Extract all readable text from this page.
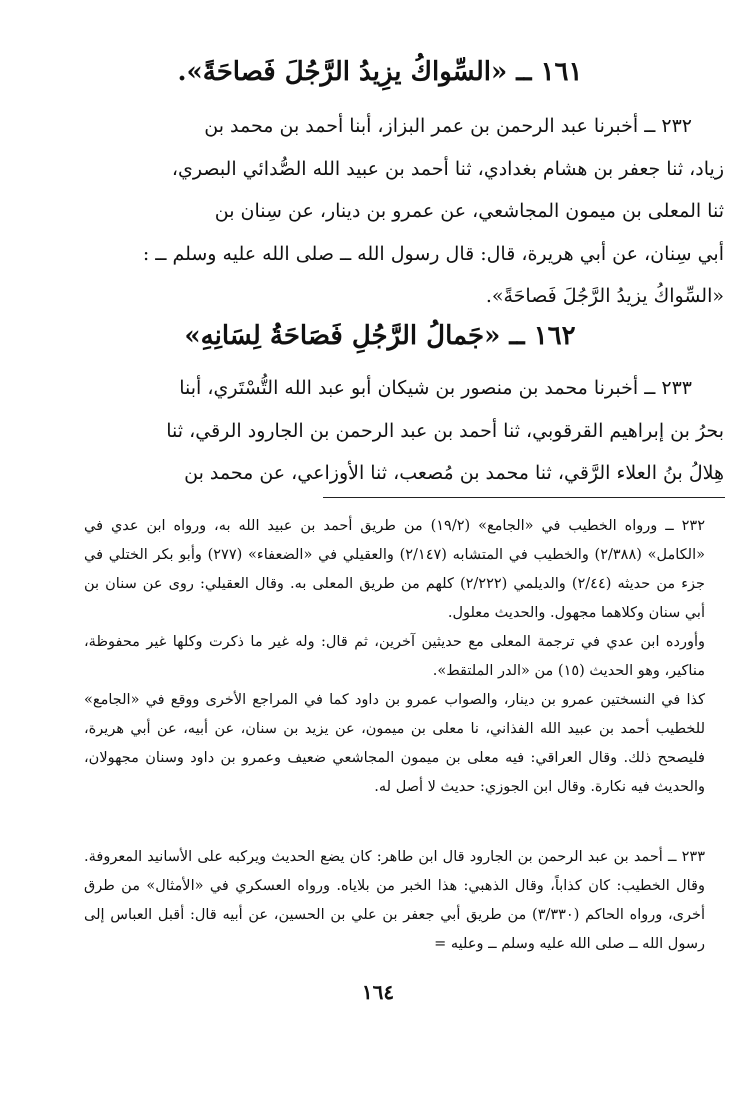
١٦١ ــ «السِّواكُ يزِيدُ الرَّجُلَ فَصاحَةً».

٢٣٢ ــ أخبرنا عبد الرحمن بن عمر البزاز، أبنا أحمد بن محمد بن

زياد، ثنا جعفر بن هشام بغدادي، ثنا أحمد بن عبيد الله الصُّدائي البصري،

ثنا المعلى بن ميمون المجاشعي، عن عمرو بن دينار، عن سِنان بن

أبي سِنان، عن أبي هريرة، قال: قال رسول الله ــ صلى الله عليه وسلم ــ :

«السِّواكُ يزيدُ الرَّجُلَ فَصاحَةً».

١٦٢ ــ «جَمالُ الرَّجُلِ فَصَاحَةُ لِسَانِهِ»

٢٣٣ ــ أخبرنا محمد بن منصور بن شيكان أبو عبد الله التُّسْتَري، أبنا

بحرُ بن إبراهيم القرقوبي، ثنا أحمد بن عبد الرحمن بن الجارود الرقي، ثنا

هِلالُ بنُ العلاء الرَّقي، ثنا محمد بن مُصعب، ثنا الأوزاعي، عن محمد بن

٢٣٢ ــ ورواه الخطيب في «الجامع» (١٩/٢) من طريق أحمد بن عبيد الله به، ورواه ابن عدي في «الكامل» (٢/٣٨٨) والخطيب في المتشابه (٢/١٤٧) والعقيلي في «الضعفاء» (٢٧٧) وأبو بكر الختلي في جزء من حديثه (٢/٤٤) والديلمي (٢/٢٢٢) كلهم من طريق المعلى به. وقال العقيلي: روى عن سنان بن أبي سنان وكلاهما مجهول. والحديث معلول.

وأورده ابن عدي في ترجمة المعلى مع حديثين آخرين، ثم قال: وله غير ما ذكرت وكلها غير محفوظة، مناكير، وهو الحديث (١٥) من «الدر الملتقط».

كذا في النسختين عمرو بن دينار، والصواب عمرو بن داود كما في المراجع الأخرى ووقع في «الجامع» للخطيب أحمد بن عبيد الله الفذاني، نا معلى بن ميمون، عن يزيد بن سنان، عن أبيه، عن أبي هريرة، فليصحح ذلك. وقال العراقي: فيه معلى بن ميمون المجاشعي ضعيف وعمرو بن داود وسنان مجهولان، والحديث فيه نكارة. وقال ابن الجوزي: حديث لا أصل له.

٢٣٣ ــ أحمد بن عبد الرحمن بن الجارود قال ابن طاهر: كان يضع الحديث ويركبه على الأسانيد المعروفة. وقال الخطيب: كان كذاباً، وقال الذهبي: هذا الخبر من بلاياه. ورواه العسكري في «الأمثال» من طرق أخرى، ورواه الحاكم (٣/٣٣٠) من طريق أبي جعفر بن علي بن الحسين، عن أبيه قال: أقبل العباس إلى رسول الله ــ صلى الله عليه وسلم ــ وعليه =

١٦٤
